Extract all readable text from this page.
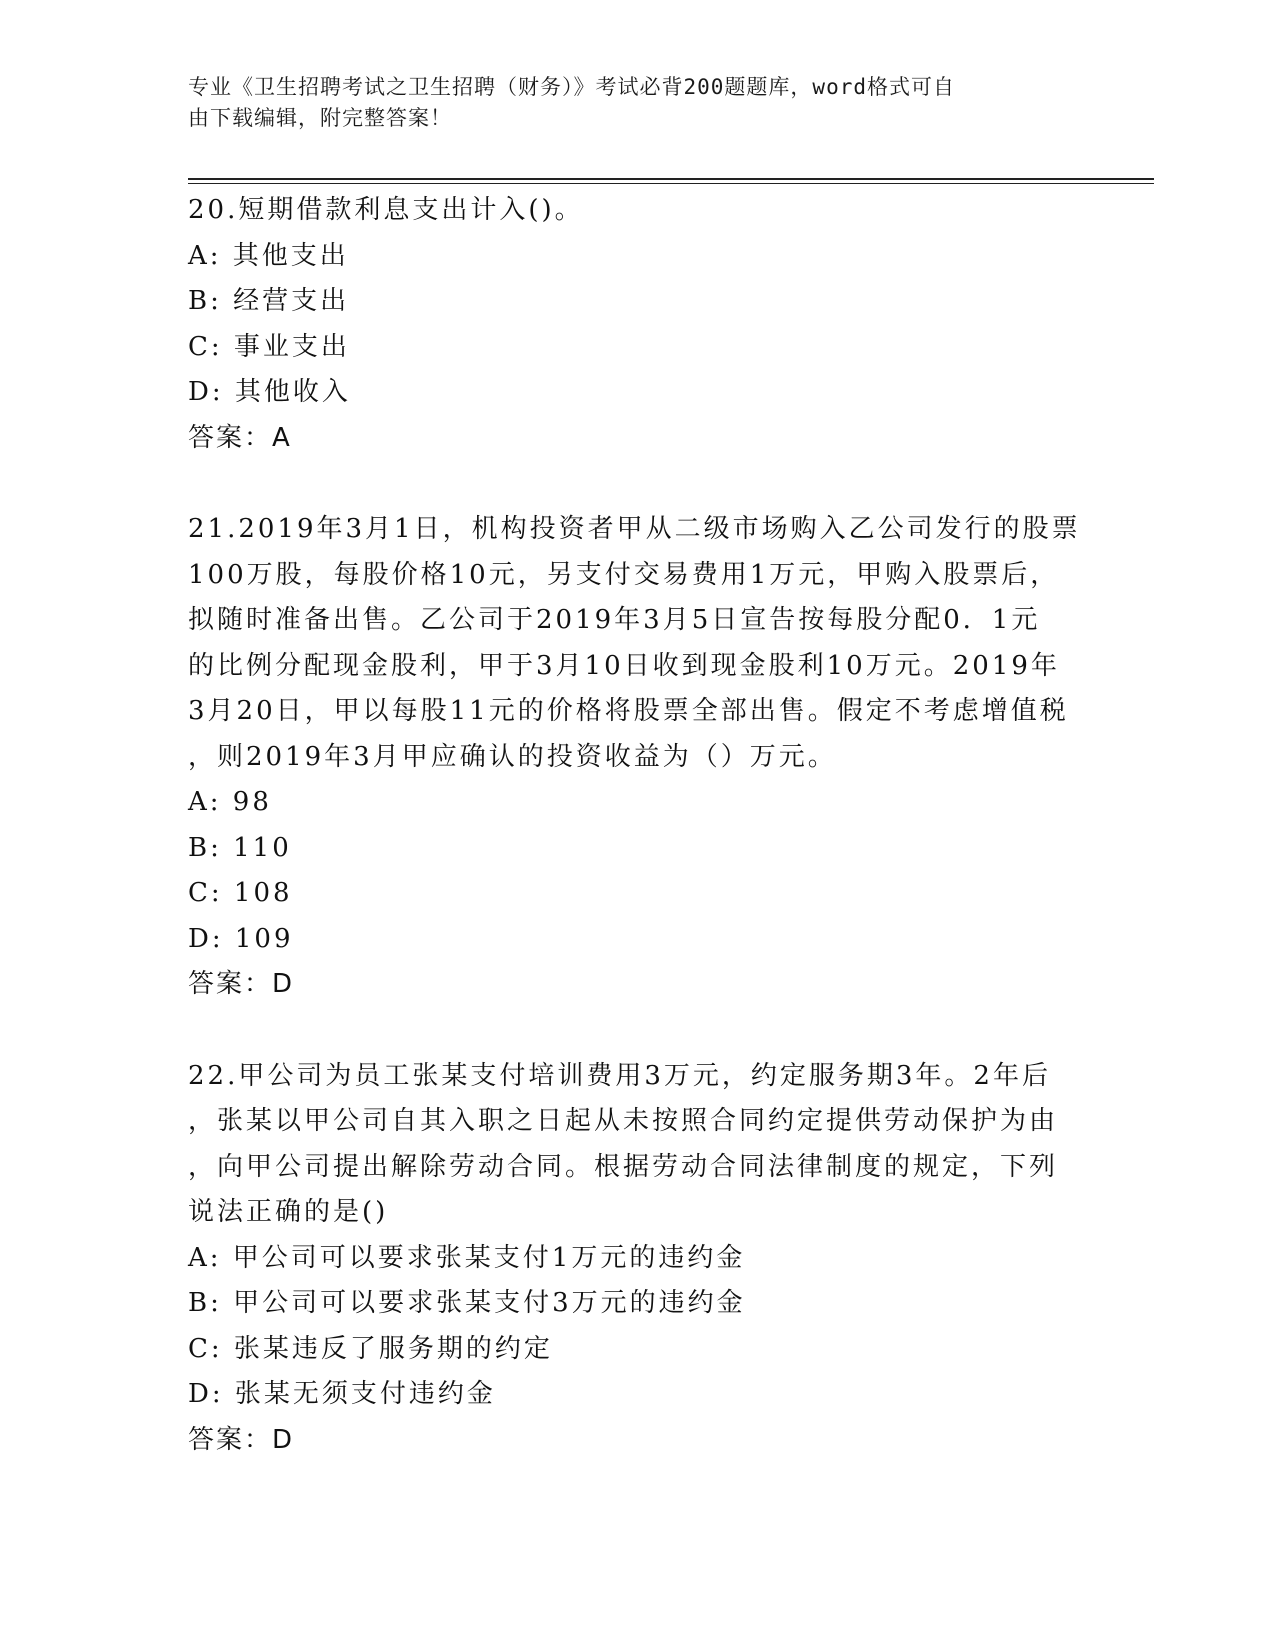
专业《卫生招聘考试之卫生招聘（财务）》考试必背200题题库，word格式可自
由下载编辑，附完整答案！
20.短期借款利息支出计入()。
A: 其他支出
B: 经营支出
C: 事业支出
D: 其他收入
答案：A
21.2019年3月1日，机构投资者甲从二级市场购入乙公司发行的股票
100万股，每股价格10元，另支付交易费用1万元，甲购入股票后，
拟随时准备出售。乙公司于2019年3月5日宣告按每股分配0．1元
的比例分配现金股利，甲于3月10日收到现金股利10万元。2019年
3月20日，甲以每股11元的价格将股票全部出售。假定不考虑增值税
，则2019年3月甲应确认的投资收益为（）万元。
A: 98
B: 110
C: 108
D: 109
答案：D
22.甲公司为员工张某支付培训费用3万元，约定服务期3年。2年后
，张某以甲公司自其入职之日起从未按照合同约定提供劳动保护为由
，向甲公司提出解除劳动合同。根据劳动合同法律制度的规定，下列
说法正确的是()
A: 甲公司可以要求张某支付1万元的违约金
B: 甲公司可以要求张某支付3万元的违约金
C: 张某违反了服务期的约定
D: 张某无须支付违约金
答案：D
